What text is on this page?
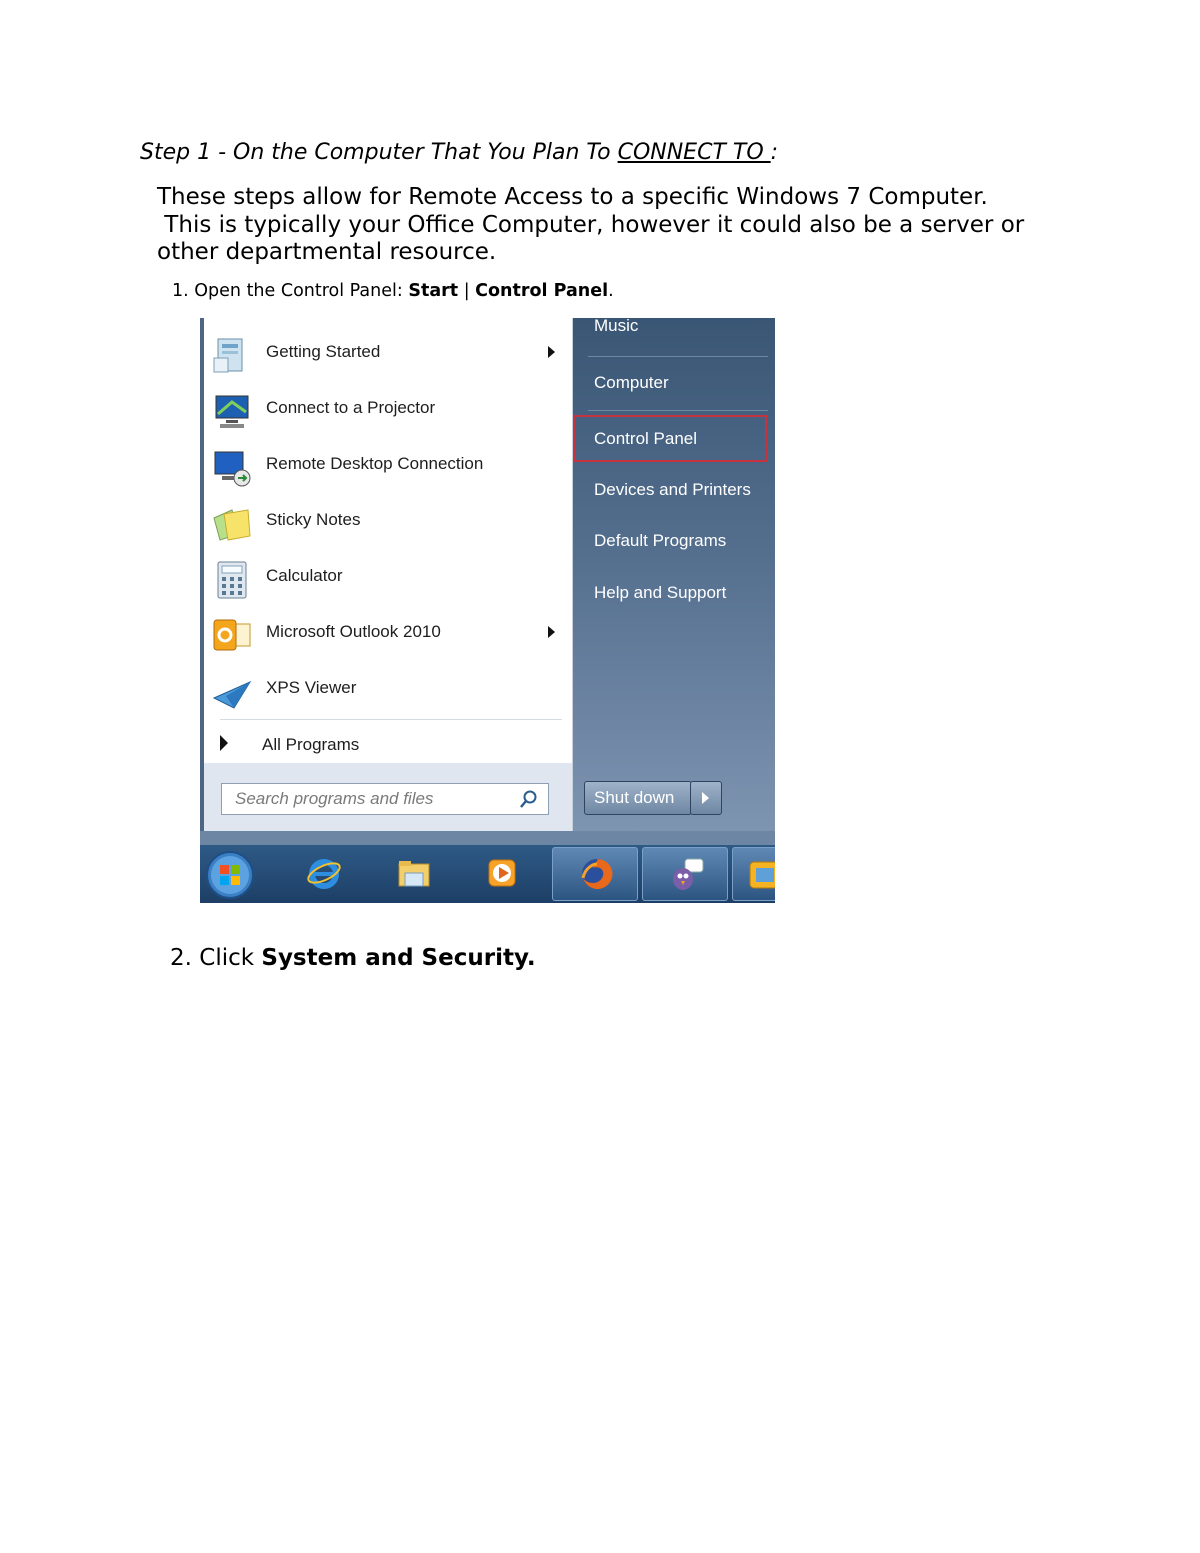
Step 1 - On the Computer That You Plan To CONNECT TO :
These steps allow for Remote Access to a specific Windows 7 Computer.
This is typically your Office Computer, however it could also be a server or
other departmental resource.
1. Open the Control Panel: Start | Control Panel.
Getting Started
Connect to a Projector
Remote Desktop Connection
Sticky Notes
Calculator
Microsoft Outlook 2010
XPS Viewer
All Programs
Search programs and files
Music
Computer
Control Panel
Devices and Printers
Default Programs
Help and Support
Shut down
2. Click System and Security.
